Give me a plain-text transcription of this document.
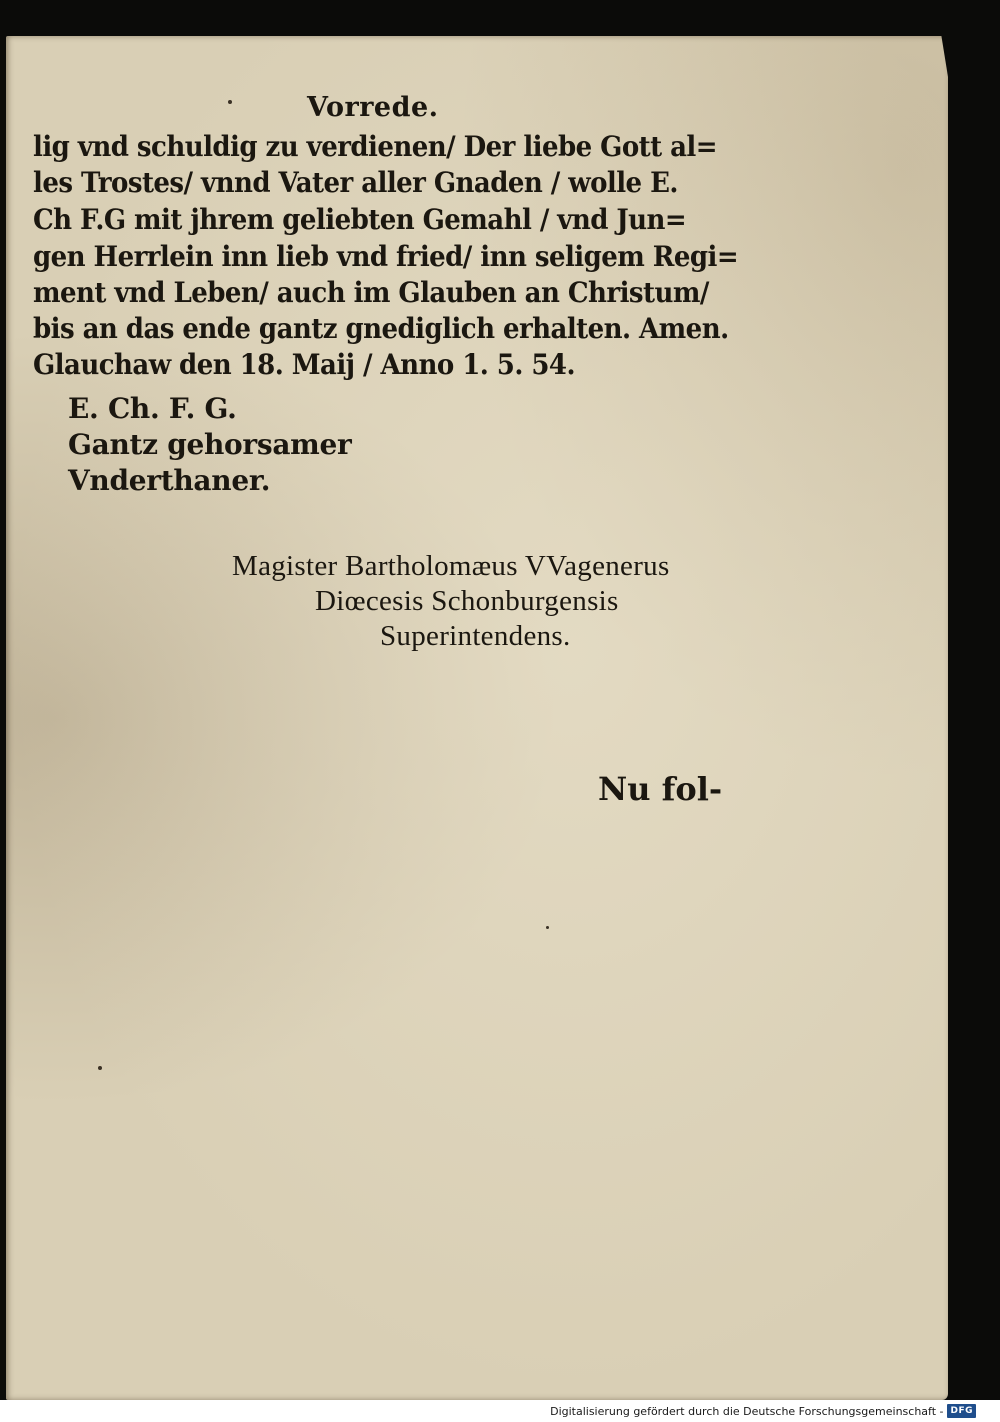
Vorrede.
lig vnd schuldig zu verdienen/ Der liebe Gott al=
les Trostes/ vnnd Vater aller Gnaden / wolle E.
Ch F.G mit jhrem geliebten Gemahl / vnd Jun=
gen Herrlein inn lieb vnd fried/ inn seligem Regi=
ment vnd Leben/ auch im Glauben an Christum/
bis an das ende gantz gnediglich erhalten. Amen.
Glauchaw den 18. Maij / Anno 1. 5. 54.
E. Ch. F. G.
Gantz gehorsamer
Vnderthaner.
Magister Bartholomæus VVagenerus
Diœcesis Schonburgensis
Superintendens.
Nu fol-
Digitalisierung gefördert durch die Deutsche Forschungsgemeinschaft - DFG
